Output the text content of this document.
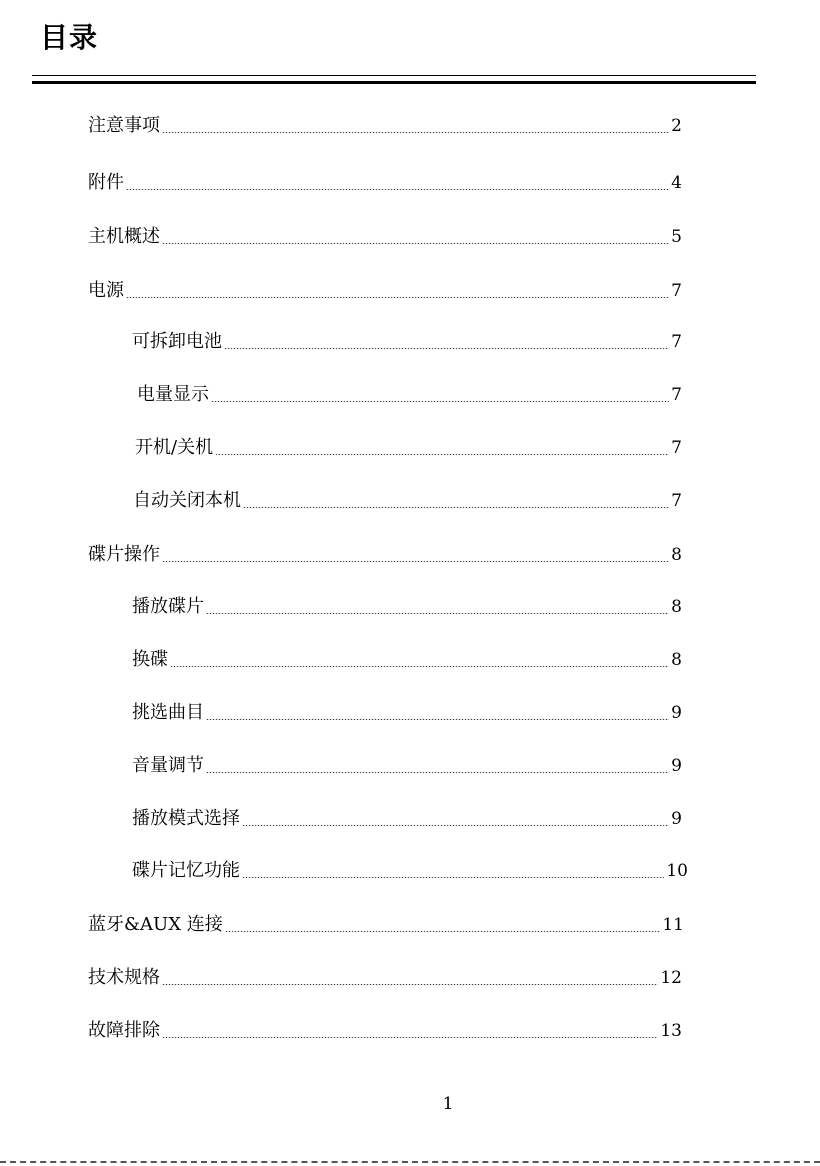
目录
注意事项	2
附件	4
主机概述	5
电源	7
可拆卸电池	7
电量显示	7
开机/关机	7
自动关闭本机	7
碟片操作	8
播放碟片	8
换碟	8
挑选曲目	9
音量调节	9
播放模式选择	9
碟片记忆功能	10
蓝牙&AUX 连接	11
技术规格	12
故障排除	13
1
